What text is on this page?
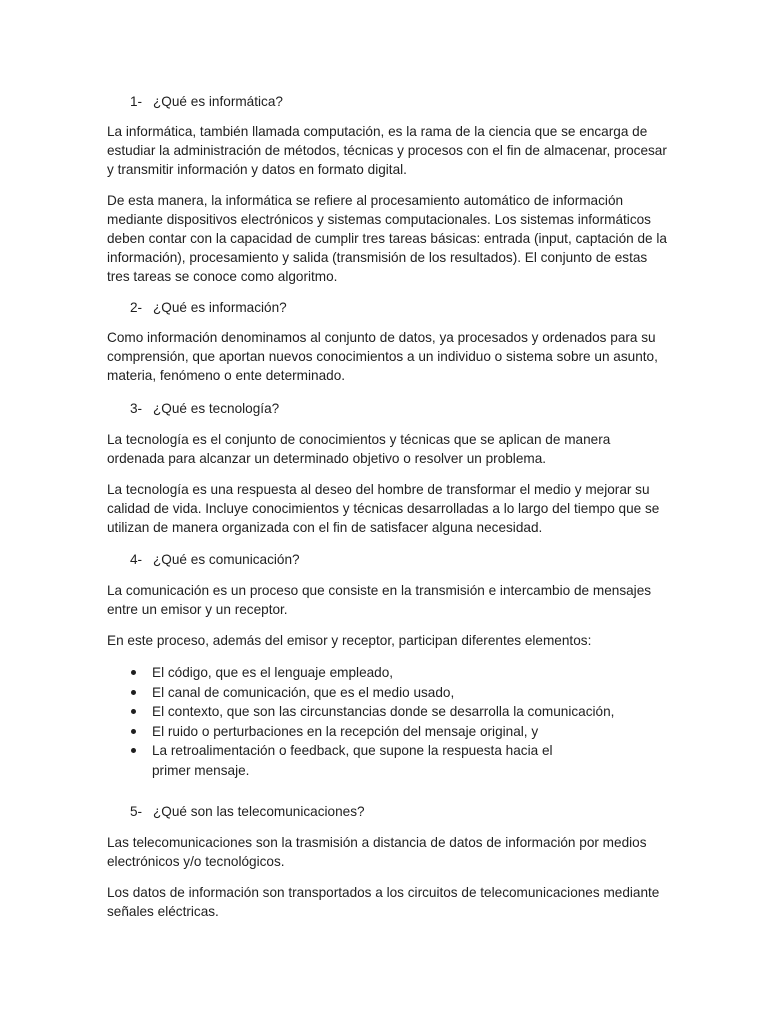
1- ¿Qué es informática?

La informática, también llamada computación, es la rama de la ciencia que se encarga de estudiar la administración de métodos, técnicas y procesos con el fin de almacenar, procesar y transmitir información y datos en formato digital.

De esta manera, la informática se refiere al procesamiento automático de información mediante dispositivos electrónicos y sistemas computacionales. Los sistemas informáticos deben contar con la capacidad de cumplir tres tareas básicas: entrada (input, captación de la información), procesamiento y salida (transmisión de los resultados). El conjunto de estas tres tareas se conoce como algoritmo.

2- ¿Qué es información?

Como información denominamos al conjunto de datos, ya procesados y ordenados para su comprensión, que aportan nuevos conocimientos a un individuo o sistema sobre un asunto, materia, fenómeno o ente determinado.

3- ¿Qué es tecnología?

La tecnología es el conjunto de conocimientos y técnicas que se aplican de manera ordenada para alcanzar un determinado objetivo o resolver un problema.

La tecnología es una respuesta al deseo del hombre de transformar el medio y mejorar su calidad de vida. Incluye conocimientos y técnicas desarrolladas a lo largo del tiempo que se utilizan de manera organizada con el fin de satisfacer alguna necesidad.

4- ¿Qué es comunicación?

La comunicación es un proceso que consiste en la transmisión e intercambio de mensajes entre un emisor y un receptor.

En este proceso, además del emisor y receptor, participan diferentes elementos:

El código, que es el lenguaje empleado,
El canal de comunicación, que es el medio usado,
El contexto, que son las circunstancias donde se desarrolla la comunicación,
El ruido o perturbaciones en la recepción del mensaje original, y
La retroalimentación o feedback, que supone la respuesta hacia el primer mensaje.
5- ¿Qué son las telecomunicaciones?

Las telecomunicaciones son la trasmisión a distancia de datos de información por medios electrónicos y/o tecnológicos.

Los datos de información son transportados a los circuitos de telecomunicaciones mediante señales eléctricas.
